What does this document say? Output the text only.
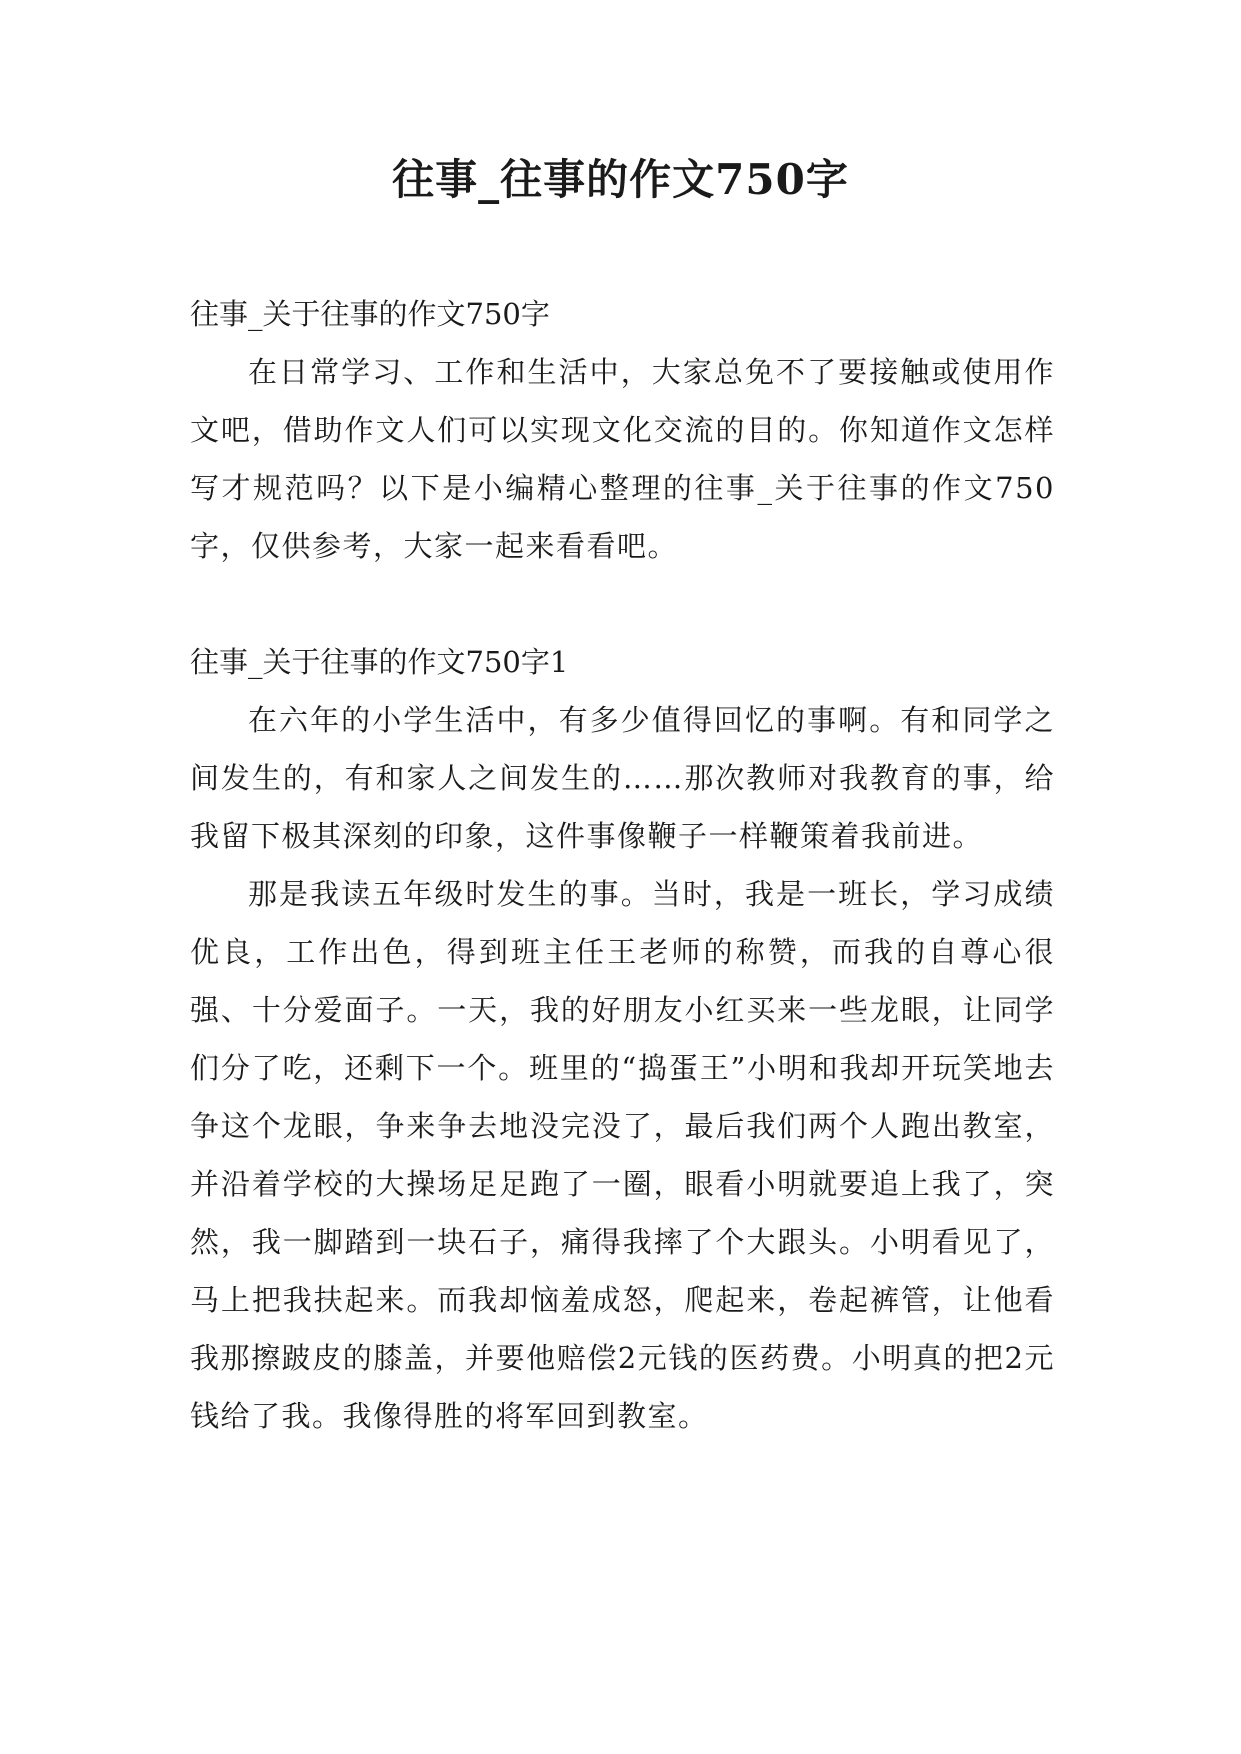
往事_往事的作文750字

往事_关于往事的作文750字

在日常学习、工作和生活中，大家总免不了要接触或使用作文吧，借助作文人们可以实现文化交流的目的。你知道作文怎样写才规范吗？以下是小编精心整理的往事_关于往事的作文750字，仅供参考，大家一起来看看吧。

往事_关于往事的作文750字1

在六年的小学生活中，有多少值得回忆的事啊。有和同学之间发生的，有和家人之间发生的……那次教师对我教育的事，给我留下极其深刻的印象，这件事像鞭子一样鞭策着我前进。

那是我读五年级时发生的事。当时，我是一班长，学习成绩优良，工作出色，得到班主任王老师的称赞，而我的自尊心很强、十分爱面子。一天，我的好朋友小红买来一些龙眼，让同学们分了吃，还剩下一个。班里的“捣蛋王”小明和我却开玩笑地去争这个龙眼，争来争去地没完没了，最后我们两个人跑出教室，并沿着学校的大操场足足跑了一圈，眼看小明就要追上我了，突然，我一脚踏到一块石子，痛得我摔了个大跟头。小明看见了，马上把我扶起来。而我却恼羞成怒，爬起来，卷起裤管，让他看我那擦跛皮的膝盖，并要他赔偿2元钱的医药费。小明真的把2元钱给了我。我像得胜的将军回到教室。
